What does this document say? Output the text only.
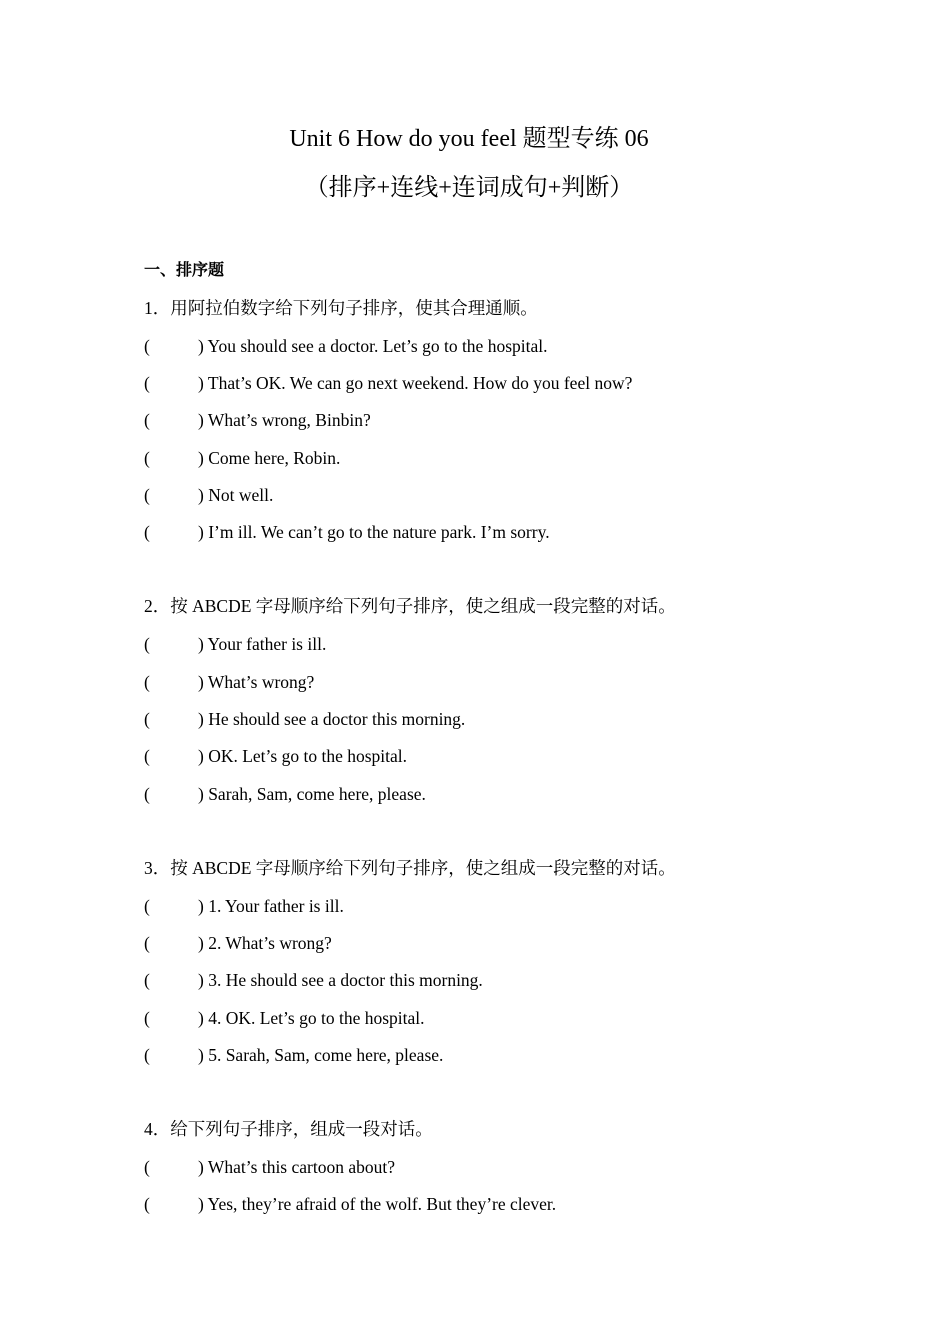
Unit 6 How do you feel 题型专练 06
（排序+连线+连词成句+判断）
一、排序题
1．用阿拉伯数字给下列句子排序，使其合理通顺。
(	) You should see a doctor. Let’s go to the hospital.
(	) That’s OK. We can go next weekend. How do you feel now?
(	) What’s wrong, Binbin?
(	) Come here, Robin.
(	) Not well.
(	) I’m ill. We can’t go to the nature park. I’m sorry.
2．按 ABCDE 字母顺序给下列句子排序，使之组成一段完整的对话。
(	) Your father is ill.
(	) What’s wrong?
(	) He should see a doctor this morning.
(	) OK. Let’s go to the hospital.
(	) Sarah, Sam, come here, please.
3．按 ABCDE 字母顺序给下列句子排序，使之组成一段完整的对话。
(	) 1. Your father is ill.
(	) 2. What’s wrong?
(	) 3. He should see a doctor this morning.
(	) 4. OK. Let’s go to the hospital.
(	) 5. Sarah, Sam, come here, please.
4．给下列句子排序，组成一段对话。
(	) What’s this cartoon about?
(	) Yes, they’re afraid of the wolf. But they’re clever.
